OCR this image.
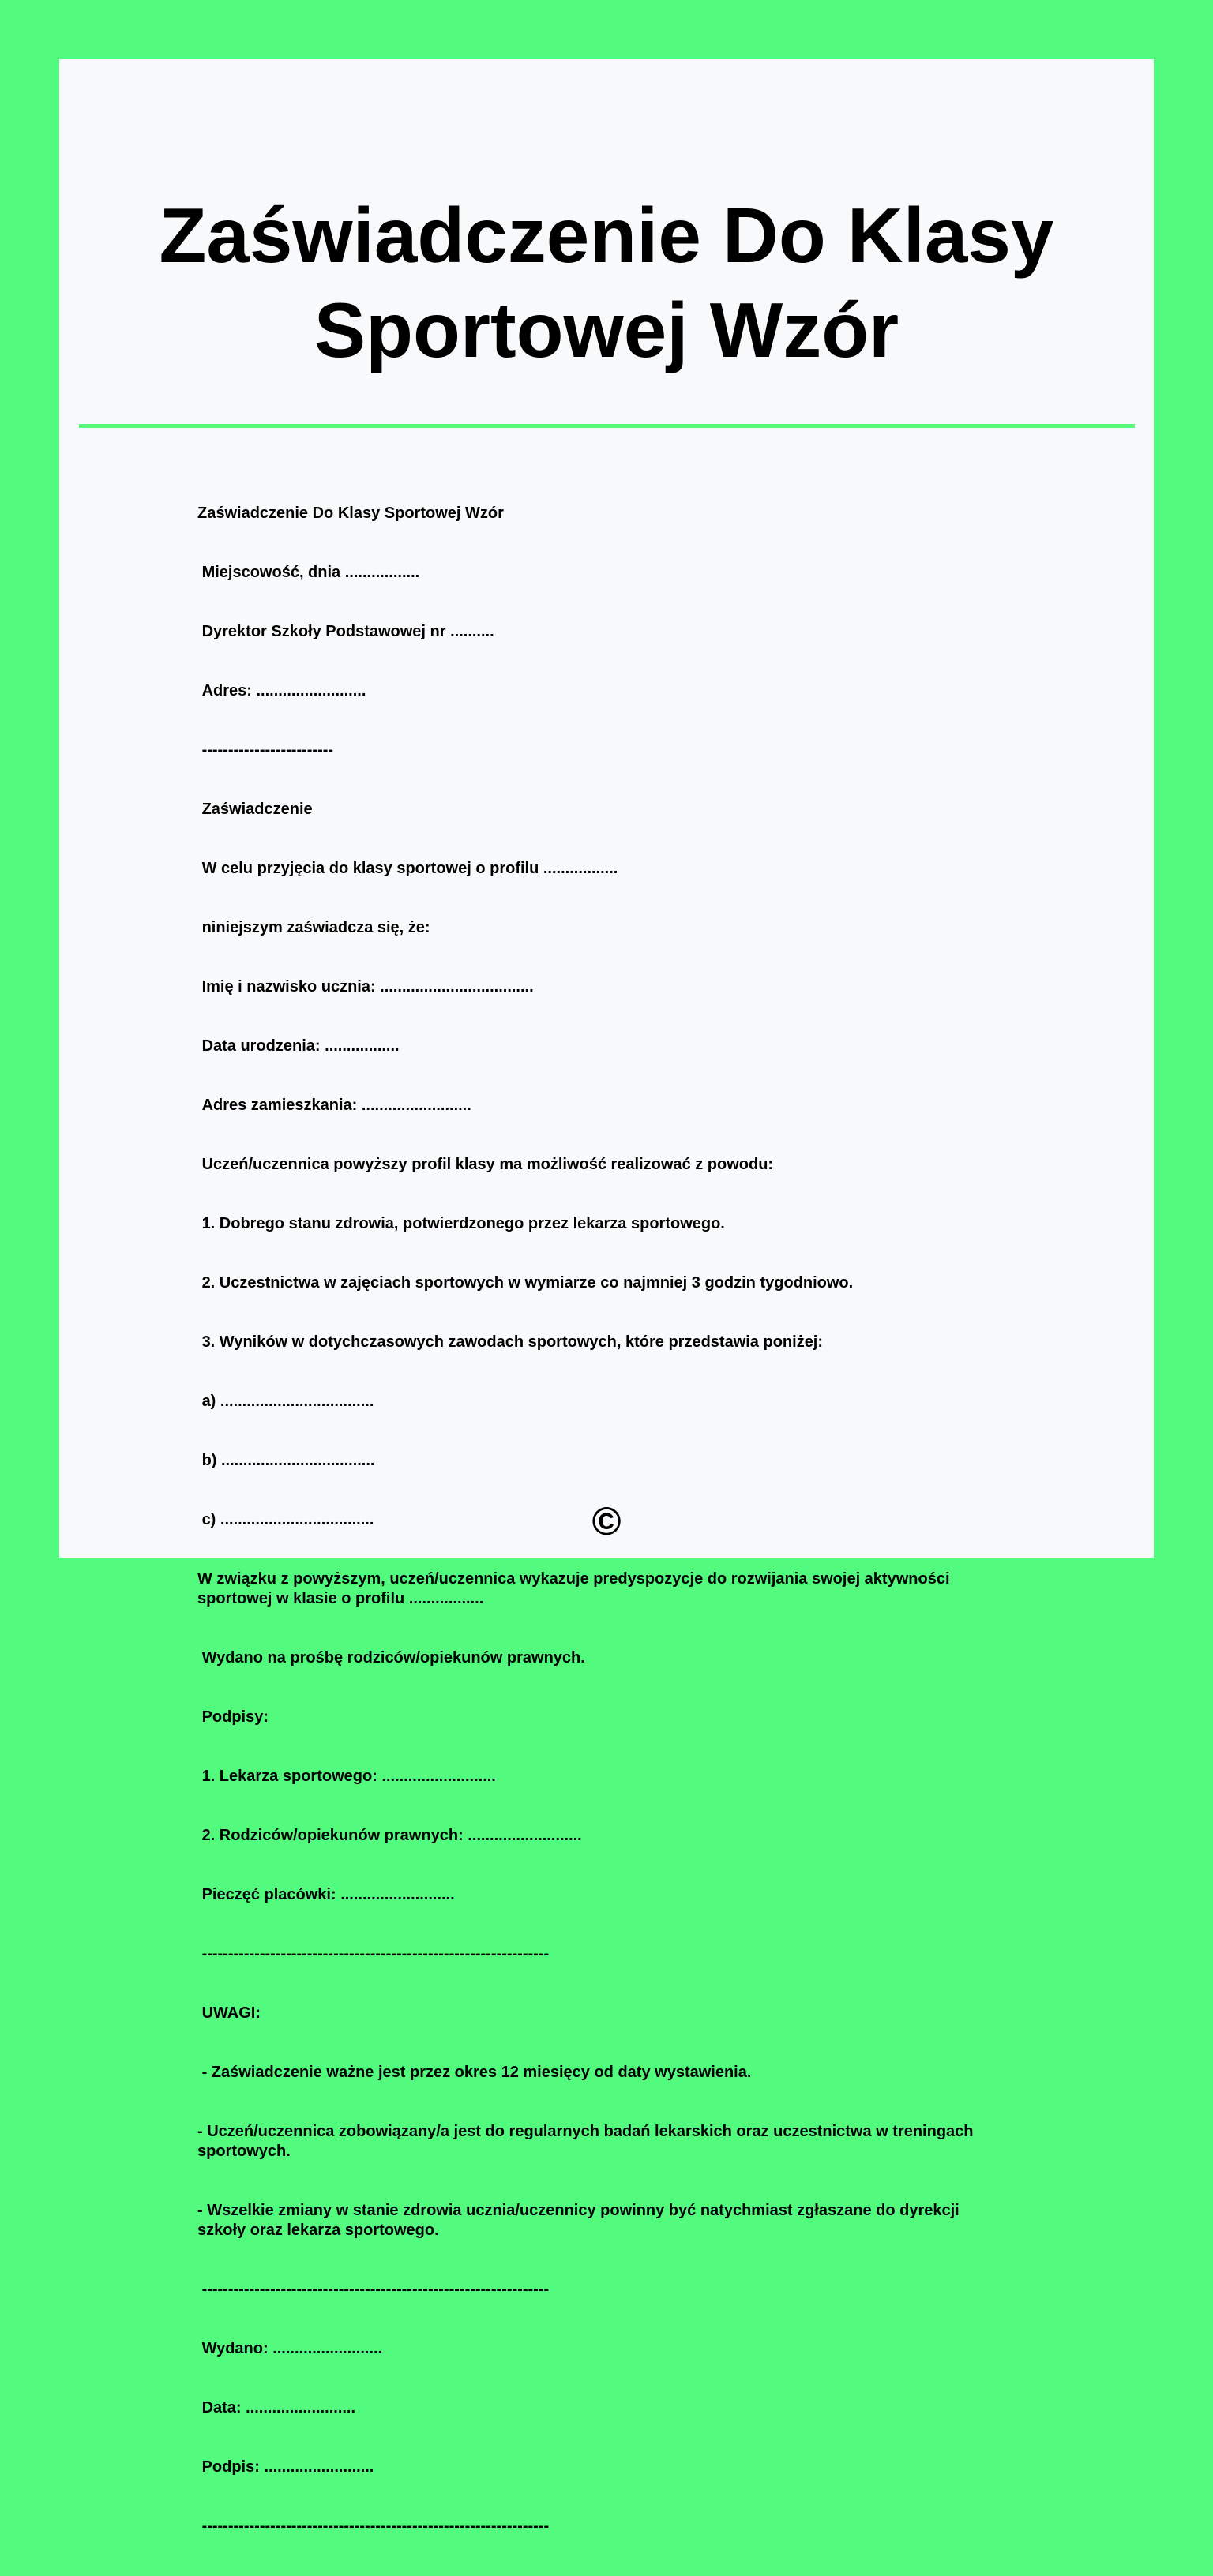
Zaświadczenie Do Klasy
Sportowej Wzór

Zaświadczenie Do Klasy Sportowej Wzór

Miejscowość, dnia .................

Dyrektor Szkoły Podstawowej nr ..........

Adres: .........................

-------------------------

Zaświadczenie

W celu przyjęcia do klasy sportowej o profilu .................

niniejszym zaświadcza się, że:

Imię i nazwisko ucznia: ...................................

Data urodzenia: .................

Adres zamieszkania: .........................

Uczeń/uczennica powyższy profil klasy ma możliwość realizować z powodu:

1. Dobrego stanu zdrowia, potwierdzonego przez lekarza sportowego.

2. Uczestnictwa w zajęciach sportowych w wymiarze co najmniej 3 godzin tygodniowo.

3. Wyników w dotychczasowych zawodach sportowych, które przedstawia poniżej:

a) ...................................

b) ...................................

c) ...................................

W związku z powyższym, uczeń/uczennica wykazuje predyspozycje do rozwijania swojej aktywności sportowej w klasie o profilu .................

Wydano na prośbę rodziców/opiekunów prawnych.

Podpisy:

1. Lekarza sportowego: ..........................

2. Rodziców/opiekunów prawnych: ..........................

Pieczęć placówki: ..........................

------------------------------------------------------------------

UWAGI:

- Zaświadczenie ważne jest przez okres 12 miesięcy od daty wystawienia.

- Uczeń/uczennica zobowiązany/a jest do regularnych badań lekarskich oraz uczestnictwa w treningach sportowych.

- Wszelkie zmiany w stanie zdrowia ucznia/uczennicy powinny być natychmiast zgłaszane do dyrekcji szkoły oraz lekarza sportowego.

------------------------------------------------------------------

Wydano: .........................

Data: .........................

Podpis: .........................

------------------------------------------------------------------

©
